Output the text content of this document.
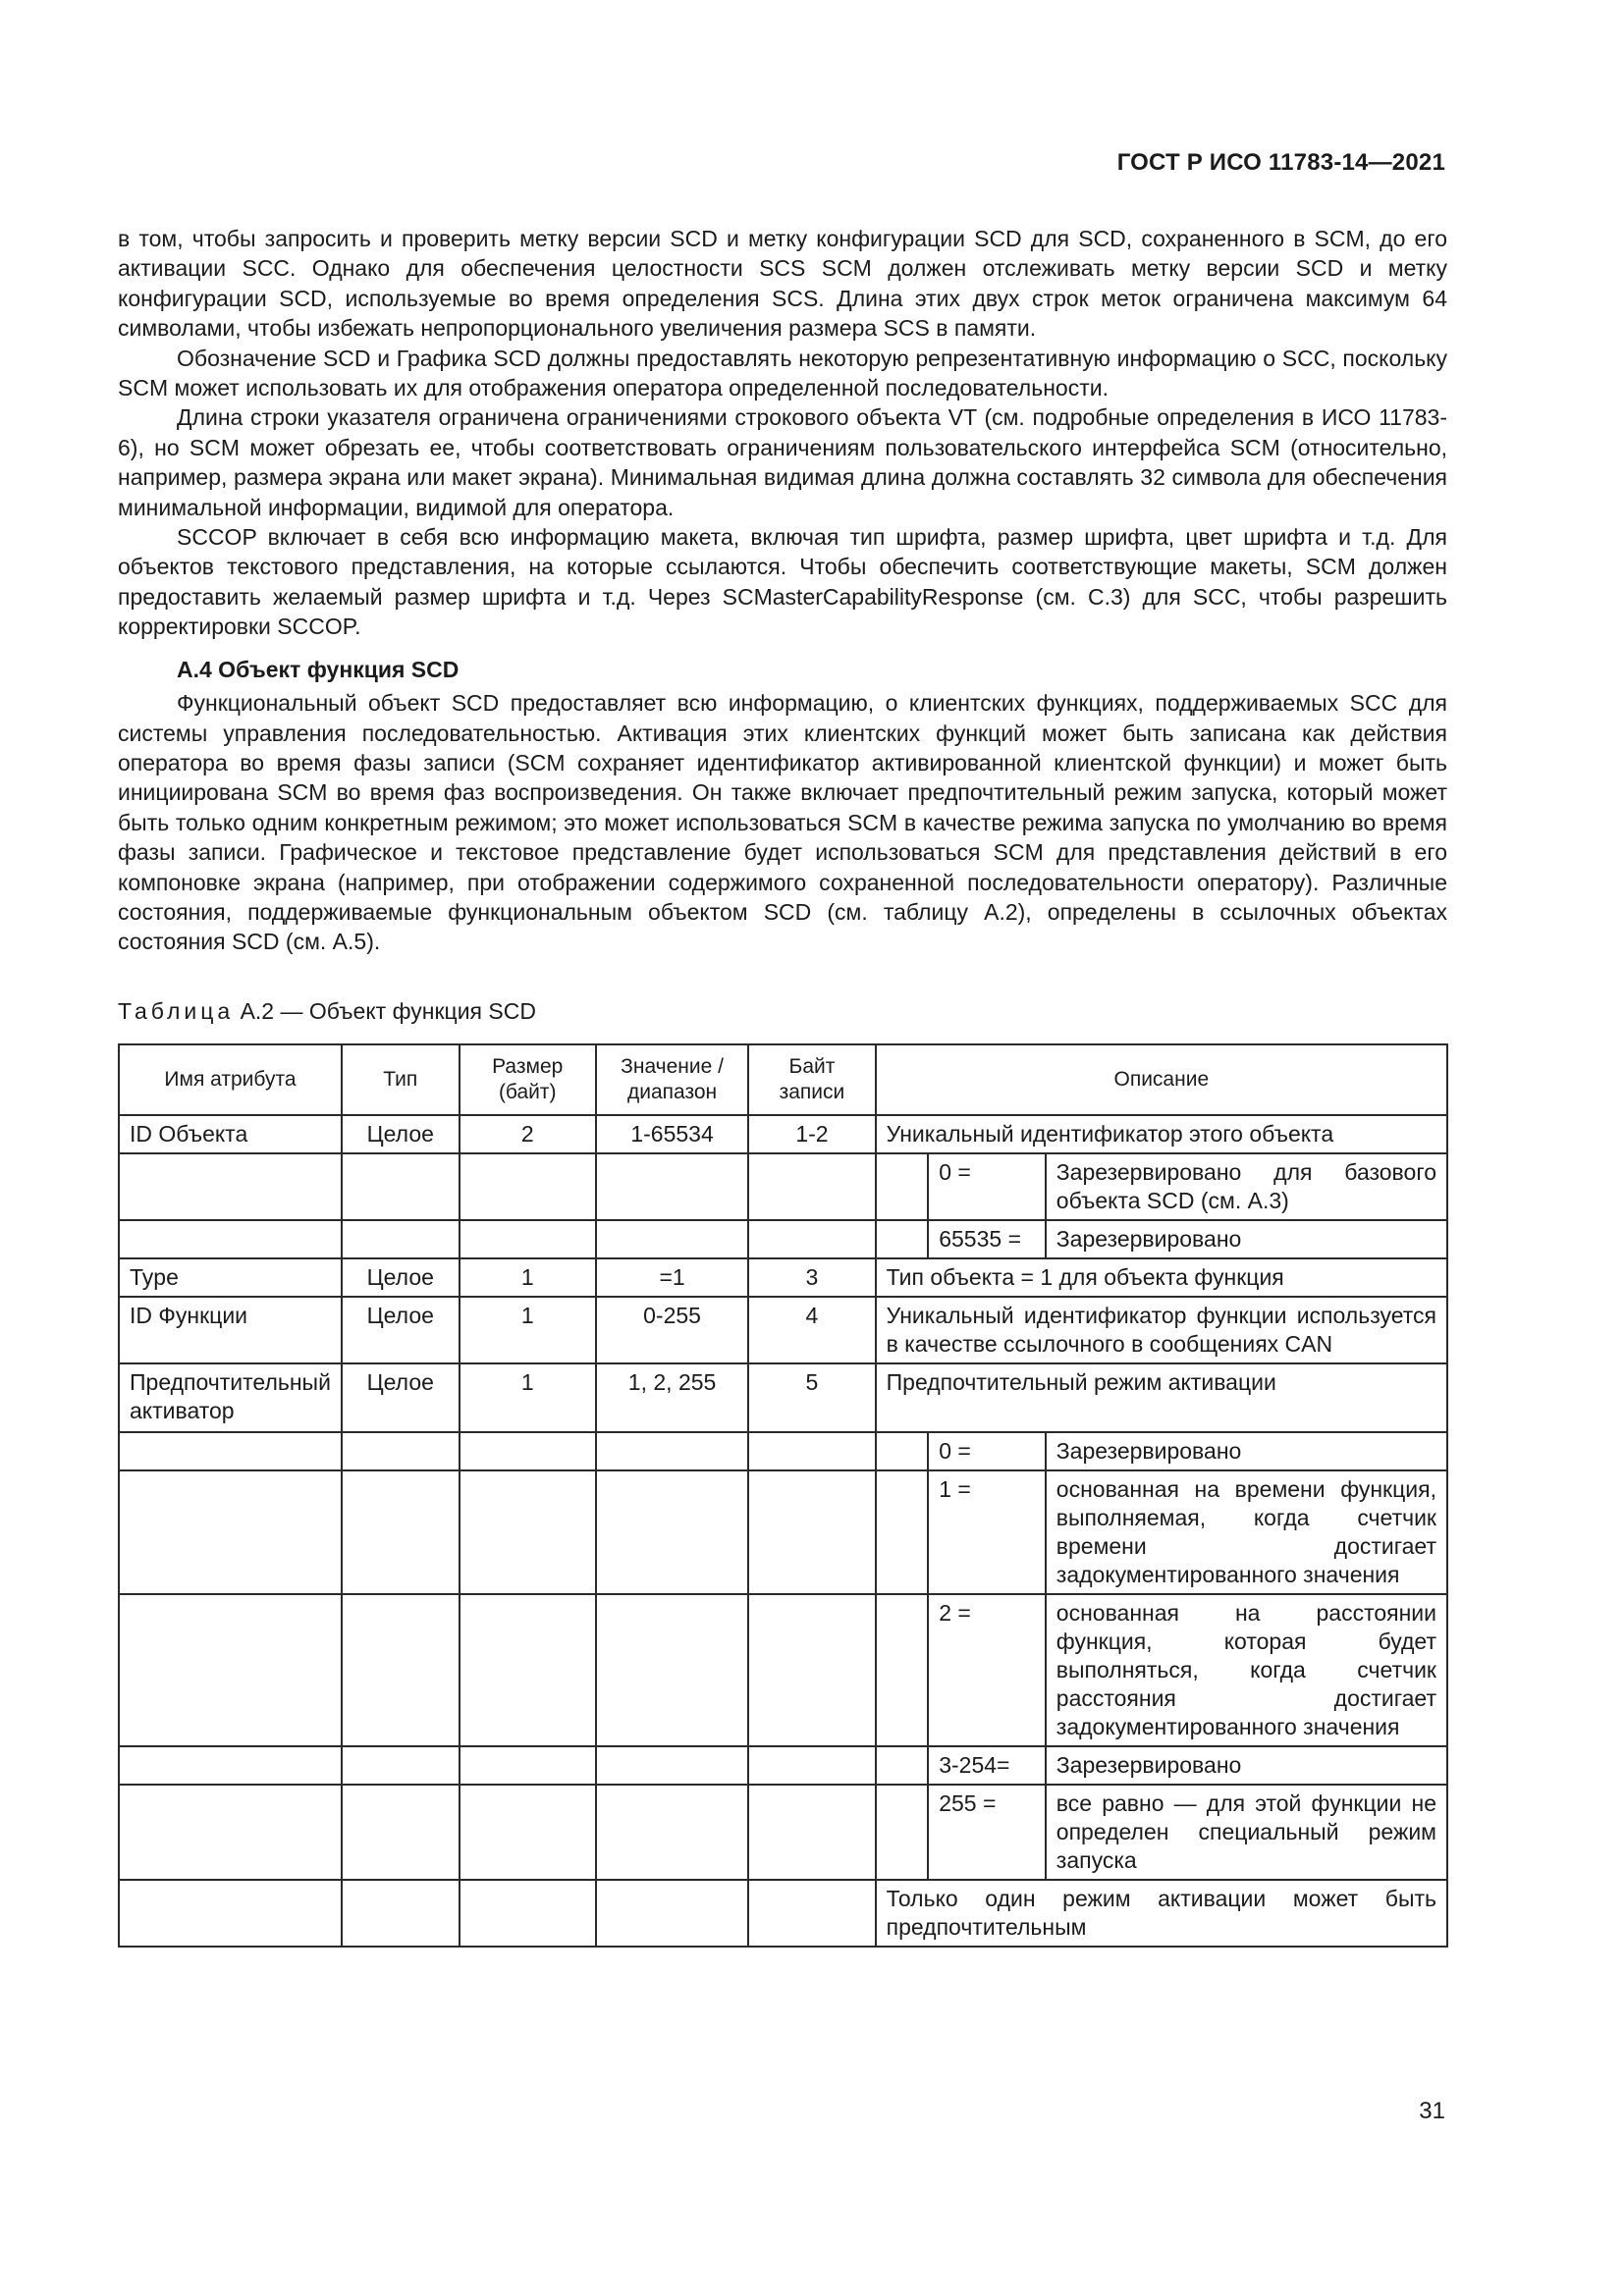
ГОСТ Р ИСО 11783-14—2021

в том, чтобы запросить и проверить метку версии SCD и метку конфигурации SCD для SCD, сохраненного в SCM, до его активации SCC. Однако для обеспечения целостности SCS SCM должен отслеживать метку версии SCD и метку конфигурации SCD, используемые во время определения SCS. Длина этих двух строк меток ограничена максимум 64 символами, чтобы избежать непропорционального увеличения размера SCS в памяти.

Обозначение SCD и Графика SCD должны предоставлять некоторую репрезентативную информацию о SCC, поскольку SCM может использовать их для отображения оператора определенной последовательности.

Длина строки указателя ограничена ограничениями строкового объекта VT (см. подробные определения в ИСО 11783-6), но SCM может обрезать ее, чтобы соответствовать ограничениям пользовательского интерфейса SCM (относительно, например, размера экрана или макет экрана). Минимальная видимая длина должна составлять 32 символа для обеспечения минимальной информации, видимой для оператора.

SCCOP включает в себя всю информацию макета, включая тип шрифта, размер шрифта, цвет шрифта и т.д. Для объектов текстового представления, на которые ссылаются. Чтобы обеспечить соответствующие макеты, SCM должен предоставить желаемый размер шрифта и т.д. Через SCMasterCapabilityResponse (см. С.3) для SCC, чтобы разрешить корректировки SCCOP.

А.4 Объект функция SCD

Функциональный объект SCD предоставляет всю информацию, о клиентских функциях, поддерживаемых SCC для системы управления последовательностью. Активация этих клиентских функций может быть записана как действия оператора во время фазы записи (SCM сохраняет идентификатор активированной клиентской функции) и может быть инициирована SCM во время фаз воспроизведения. Он также включает предпочтительный режим запуска, который может быть только одним конкретным режимом; это может использоваться SCM в качестве режима запуска по умолчанию во время фазы записи. Графическое и текстовое представление будет использоваться SCM для представления действий в его компоновке экрана (например, при отображении содержимого сохраненной последовательности оператору). Различные состояния, поддерживаемые функциональным объектом SCD (см. таблицу А.2), определены в ссылочных объектах состояния SCD (см. А.5).

Таблица А.2 — Объект функция SCD
Имя атрибута	Тип	Размер (байт)	Значение / диапазон	Байт записи	Описание		
ID Объекта	Целое	2	1-65534	1-2	Уникальный идентификатор этого объекта		
						0 =	Зарезервировано для базового объекта SCD (см. А.3)
						65535 =	Зарезервировано
Type	Целое	1	=1	3	Тип объекта = 1 для объекта функция		
ID Функции	Целое	1	0-255	4	Уникальный идентификатор функции используется в качестве ссылочного в сообщениях CAN		
Предпочтительный активатор	Целое	1	1, 2, 255	5	Предпочтительный режим активации		
						0 =	Зарезервировано
						1 =	основанная на времени функция, выполняемая, когда счетчик времени достигает задокументированного значения
						2 =	основанная на расстоянии функция, которая будет выполняться, когда счетчик расстояния достигает задокументированного значения
						3-254=	Зарезервировано
						255 =	все равно — для этой функции не определен специальный режим запуска
					Только один режим активации может быть предпочтительным		
31
